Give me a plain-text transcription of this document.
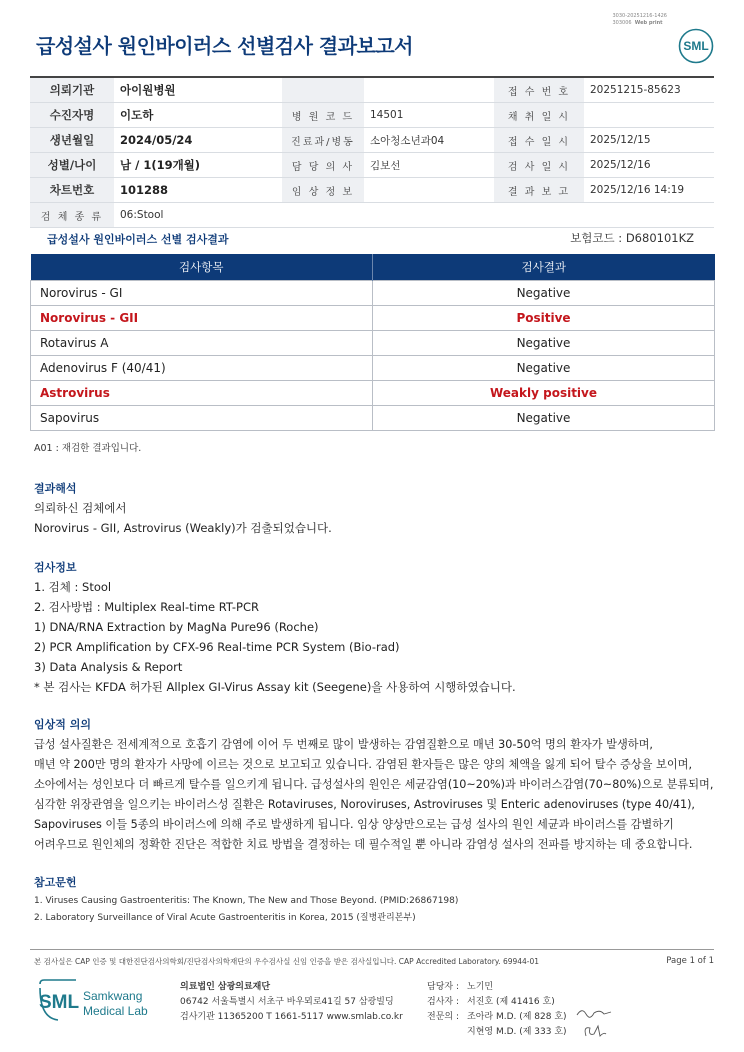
급성설사 원인바이러스 선별검사 결과보고서
3030-20251216-1426
303006 Web print
SML
의뢰기관	아이원병원			접 수 번 호	20251215-85623
수진자명	이도하	병 원 코 드	14501	채 취 일 시	
생년월일	2024/05/24	진료과/병동	소아청소년과04	접 수 일 시	2025/12/15
성별/나이	남 / 1(19개월)	담 당 의 사	김보선	검 사 일 시	2025/12/16
차트번호	101288	임 상 정 보		결 과 보 고	2025/12/16 14:19
검 체 종 류	06:Stool				
급성설사 원인바이러스 선별 검사결과	보험코드 : D680101KZ
검사항목	검사결과
Norovirus - GI	Negative
Norovirus - GII	Positive
Rotavirus A	Negative
Adenovirus F (40/41)	Negative
Astrovirus	Weakly positive
Sapovirus	Negative
A01 : 재검한 결과입니다.
결과해석
의뢰하신 검체에서
Norovirus - GII, Astrovirus (Weakly)가 검출되었습니다.
검사정보
1. 검체 : Stool
2. 검사방법 : Multiplex Real-time RT-PCR
1) DNA/RNA Extraction by MagNa Pure96 (Roche)
2) PCR Amplification by CFX-96 Real-time PCR System (Bio-rad)
3) Data Analysis & Report
* 본 검사는 KFDA 허가된 Allplex GI-Virus Assay kit (Seegene)을 사용하여 시행하였습니다.
임상적 의의
급성 설사질환은 전세계적으로 호흡기 감염에 이어 두 번째로 많이 발생하는 감염질환으로 매년 30-50억 명의 환자가 발생하며,
매년 약 200만 명의 환자가 사망에 이르는 것으로 보고되고 있습니다. 감염된 환자들은 많은 양의 체액을 잃게 되어 탈수 증상을 보이며,
소아에서는 성인보다 더 빠르게 탈수를 일으키게 됩니다. 급성설사의 원인은 세균감염(10~20%)과 바이러스감염(70~80%)으로 분류되며,
심각한 위장관염을 일으키는 바이러스성 질환은 Rotaviruses, Noroviruses, Astroviruses 및 Enteric adenoviruses (type 40/41),
Sapoviruses 이들 5종의 바이러스에 의해 주로 발생하게 됩니다. 임상 양상만으로는 급성 설사의 원인 세균과 바이러스를 감별하기
어려우므로 원인체의 정확한 진단은 적합한 치료 방법을 결정하는 데 필수적일 뿐 아니라 감염성 설사의 전파를 방지하는 데 중요합니다.
참고문헌
1. Viruses Causing Gastroenteritis: The Known, The New and Those Beyond. (PMID:26867198)
2. Laboratory Surveillance of Viral Acute Gastroenteritis in Korea, 2015 (질병관리본부)
본 검사실은 CAP 인증 및 대한진단검사의학회/진단검사의학재단의 우수검사실 신임 인증을 받은 검사실입니다. CAP Accredited Laboratory. 69944-01	Page 1 of 1
SML Samkwang
Medical Lab
의료법인 삼광의료재단
06742 서울특별시 서초구 바우뫼로41길 57 삼광빌딩
검사기관 11365200 T 1661-5117 www.smlab.co.kr
담당자 : 노기민
검사자 : 서진호 (제 41416 호)
전문의 : 조아라 M.D. (제 828 호)
지현영 M.D. (제 333 호)
